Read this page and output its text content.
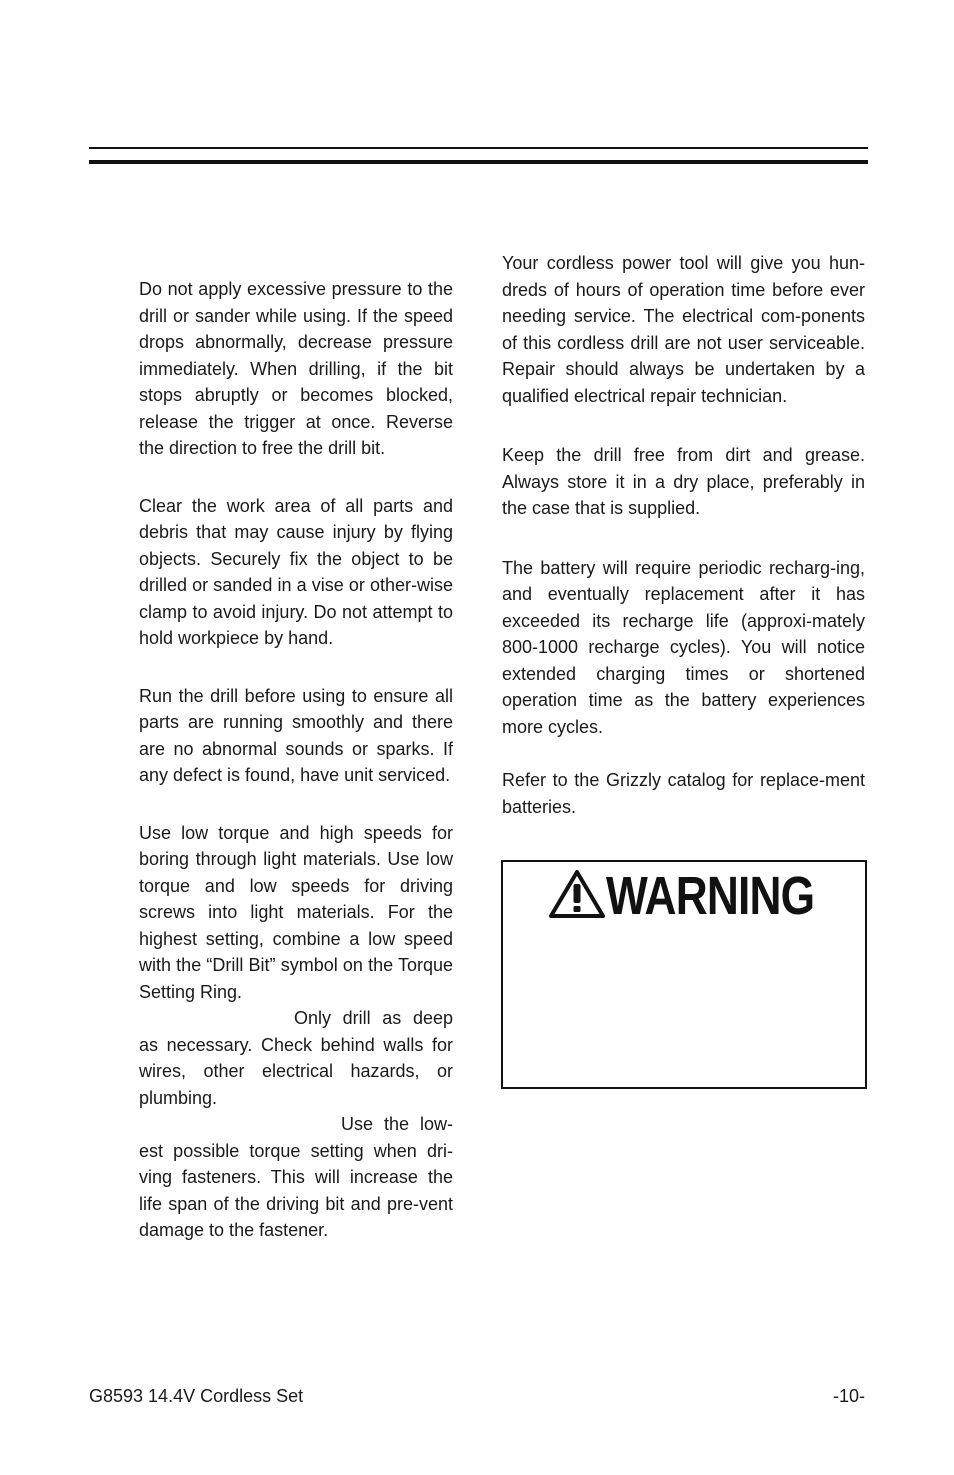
Do not apply excessive pressure to the drill or sander while using. If the speed drops abnormally, decrease pressure immediately. When drilling, if the bit stops abruptly or becomes blocked, release the trigger at once. Reverse the direction to free the drill bit.

Clear the work area of all parts and debris that may cause injury by flying objects. Securely fix the object to be drilled or sanded in a vise or other-wise clamp to avoid injury. Do not attempt to hold workpiece by hand.

Run the drill before using to ensure all parts are running smoothly and there are no abnormal sounds or sparks. If any defect is found, have unit serviced.

Use low torque and high speeds for boring through light materials. Use low torque and low speeds for driving screws into light materials. For the highest setting, combine a low speed with the “Drill Bit” symbol on the Torque Setting Ring.

Only drill as deep as necessary. Check behind walls for wires, other electrical hazards, or plumbing.

Use the low-est possible torque setting when dri-ving fasteners. This will increase the life span of the driving bit and pre-vent damage to the fastener.

Your cordless power tool will give you hun-dreds of hours of operation time before ever needing service. The electrical com-ponents of this cordless drill are not user serviceable. Repair should always be undertaken by a qualified electrical repair technician.

Keep the drill free from dirt and grease. Always store it in a dry place, preferably in the case that is supplied.

The battery will require periodic recharg-ing, and eventually replacement after it has exceeded its recharge life (approxi-mately 800-1000 recharge cycles). You will notice extended charging times or shortened operation time as the battery experiences more cycles.

Refer to the Grizzly catalog for replace-ment batteries.

WARNING
G8593 14.4V Cordless Set	-10-
